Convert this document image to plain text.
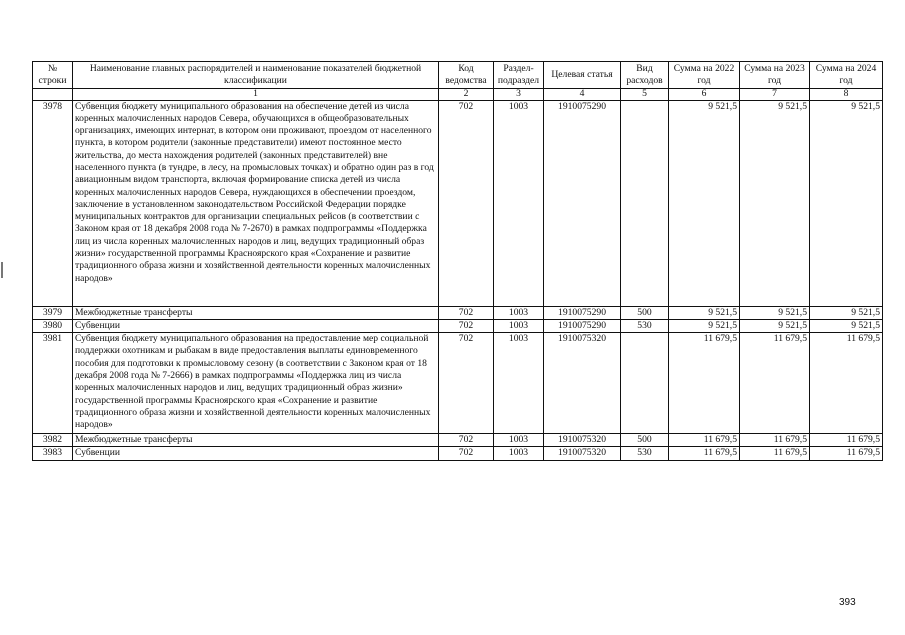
№ строки	Наименование главных распорядителей и наименование показателей бюджетной классификации	Код ведомства	Раздел-подраздел	Целевая статья	Вид расходов	Сумма на 2022 год	Сумма на 2023 год	Сумма на 2024 год
	1	2	3	4	5	6	7	8
3978	Субвенция бюджету муниципального образования на обеспечение детей из числа коренных малочисленных народов Севера, обучающихся в общеобразовательных организациях, имеющих интернат, в котором они проживают, проездом от населенного пункта, в котором родители (законные представители) имеют постоянное место жительства, до места нахождения родителей (законных представителей) вне населенного пункта (в тундре, в лесу, на промысловых точках) и обратно один раз в год авиационным видом транспорта, включая формирование списка детей из числа коренных малочисленных народов Севера, нуждающихся в обеспечении проездом, заключение в установленном законодательством Российской Федерации порядке муниципальных контрактов для организации специальных рейсов (в соответствии с Законом края от 18 декабря 2008 года № 7-2670) в рамках подпрограммы «Поддержка лиц из числа коренных малочисленных народов и лиц, ведущих традиционный образ жизни» государственной программы Красноярского края «Сохранение и развитие традиционного образа жизни и хозяйственной деятельности коренных малочисленных народов»	702	1003	1910075290		9 521,5	9 521,5	9 521,5
3979	Межбюджетные трансферты	702	1003	1910075290	500	9 521,5	9 521,5	9 521,5
3980	Субвенции	702	1003	1910075290	530	9 521,5	9 521,5	9 521,5
3981	Субвенция бюджету муниципального образования на предоставление мер социальной поддержки охотникам и рыбакам в виде предоставления выплаты единовременного пособия для подготовки к промысловому сезону (в соответствии с Законом края от 18 декабря 2008 года № 7-2666) в рамках подпрограммы «Поддержка лиц из числа коренных малочисленных народов и лиц, ведущих традиционный образ жизни» государственной программы Красноярского края «Сохранение и развитие традиционного образа жизни и хозяйственной деятельности коренных малочисленных народов»	702	1003	1910075320		11 679,5	11 679,5	11 679,5
3982	Межбюджетные трансферты	702	1003	1910075320	500	11 679,5	11 679,5	11 679,5
3983	Субвенции	702	1003	1910075320	530	11 679,5	11 679,5	11 679,5
393
